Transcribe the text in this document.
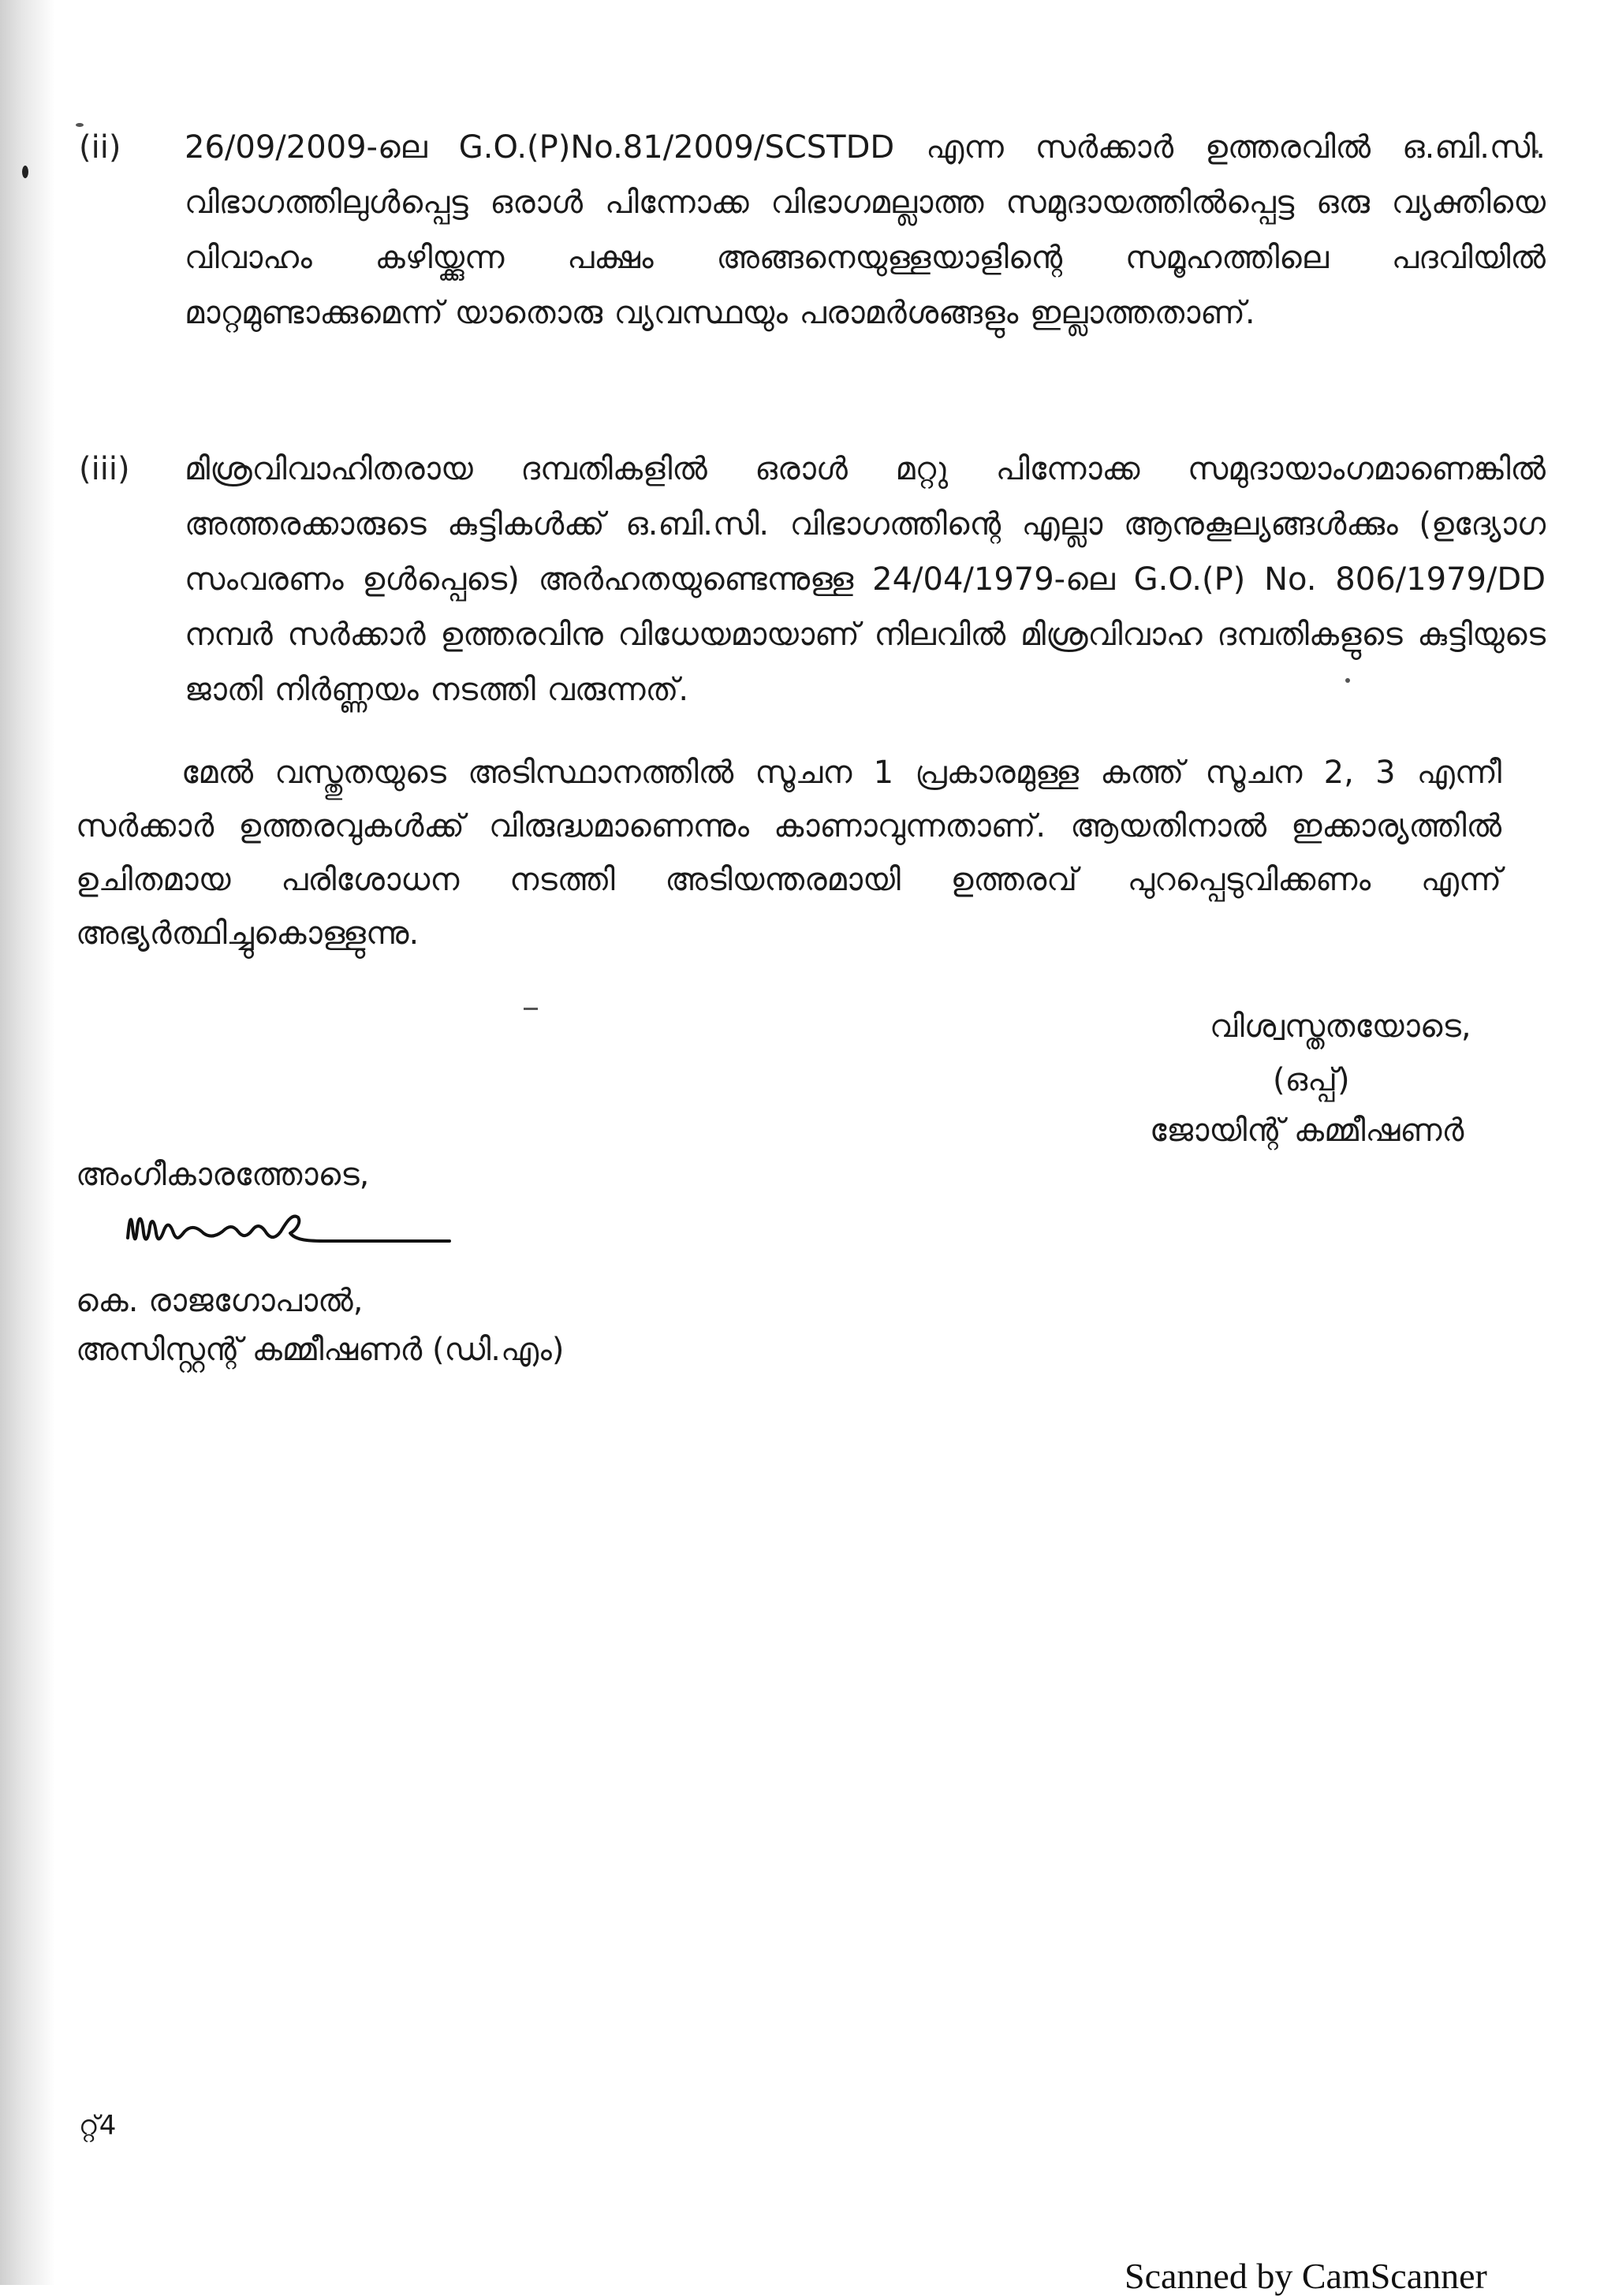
(ii)	26/09/2009-ലെ G.O.(P)No.81/2009/SCSTDD എന്ന സർക്കാർ ഉത്തരവിൽ ഒ.ബി.സി. വിഭാഗത്തിലുൾപ്പെട്ട ഒരാൾ പിന്നോക്ക വിഭാഗമല്ലാത്ത സമുദായത്തിൽപ്പെട്ട ഒരു വ്യക്തിയെ വിവാഹം കഴിയ്ക്കുന്ന പക്ഷം അങ്ങനെയുള്ളയാളിന്റെ സമൂഹത്തിലെ പദവിയിൽ മാറ്റമുണ്ടാക്കുമെന്ന് യാതൊരു വ്യവസ്ഥയും പരാമർശങ്ങളും ഇല്ലാത്തതാണ്.

(iii)	മിശ്രവിവാഹിതരായ ദമ്പതികളിൽ ഒരാൾ മറ്റു പിന്നോക്ക സമുദായാംഗമാണെങ്കിൽ അത്തരക്കാരുടെ കുട്ടികൾക്ക് ഒ.ബി.സി. വിഭാഗത്തിന്റെ എല്ലാ ആനുകൂല്യങ്ങൾക്കും (ഉദ്യോഗ സംവരണം ഉൾപ്പെടെ) അർഹതയുണ്ടെന്നുള്ള 24/04/1979-ലെ G.O.(P) No. 806/1979/DD നമ്പർ സർക്കാർ ഉത്തരവിനു വിധേയമായാണ് നിലവിൽ മിശ്രവിവാഹ ദമ്പതികളുടെ കുട്ടിയുടെ ജാതി നിർണ്ണയം നടത്തി വരുന്നത്.

മേൽ വസ്തുതയുടെ അടിസ്ഥാനത്തിൽ സൂചന 1 പ്രകാരമുള്ള കത്ത് സൂചന 2, 3 എന്നീ സർക്കാർ ഉത്തരവുകൾക്ക് വിരുദ്ധമാണെന്നും കാണാവുന്നതാണ്. ആയതിനാൽ ഇക്കാര്യത്തിൽ ഉചിതമായ പരിശോധന നടത്തി അടിയന്തരമായി ഉത്തരവ് പുറപ്പെടുവിക്കണം എന്ന് അഭ്യർത്ഥിച്ചുകൊള്ളുന്നു.

വിശ്വസ്തതയോടെ,
(ഒപ്പ്)
ജോയിന്റ് കമ്മീഷണർ
അംഗീകാരത്തോടെ,
കെ. രാജഗോപാൽ,
അസിസ്റ്റന്റ് കമ്മീഷണർ (ഡി.എം)
റ്റ്4
Scanned by CamScanner
